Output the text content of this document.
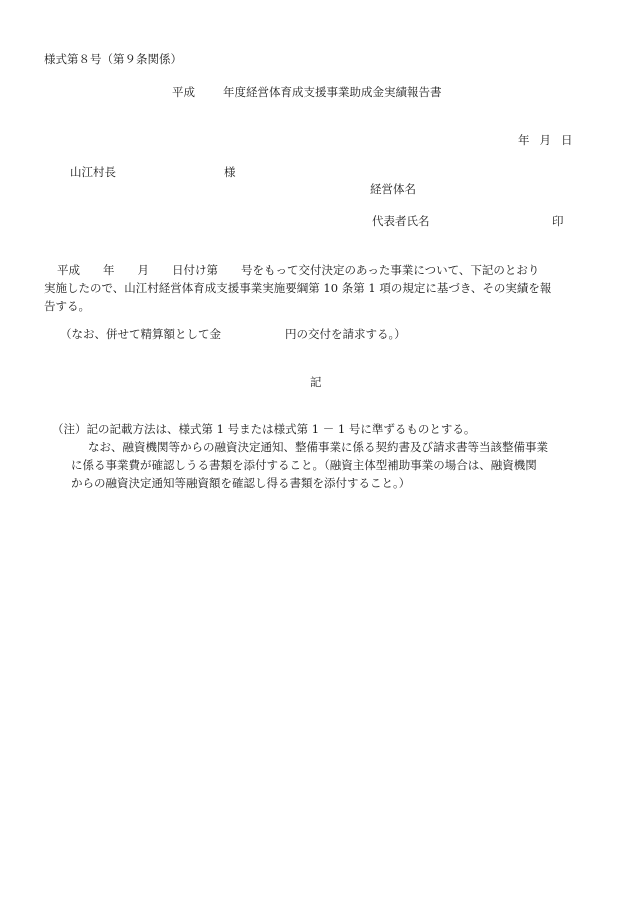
様式第８号（第９条関係）
平成 年度経営体育成支援事業助成金実績報告書
年 月 日
山江村長	様
経営体名
代表者氏名	印
平成　　年　　月　　日付け第　　号をもって交付決定のあった事業について、下記のとおり
実施したので、山江村経営体育成支援事業実施要綱第 10 条第 1 項の規定に基づき、その実績を報
告する。
（なお、併せて精算額として金	円の交付を請求する。）
記
（注）記の記載方法は、様式第 1 号または様式第 1 － 1 号に準ずるものとする。
なお、融資機関等からの融資決定通知、整備事業に係る契約書及び請求書等当該整備事業
に係る事業費が確認しうる書類を添付すること。（融資主体型補助事業の場合は、融資機関
からの融資決定通知等融資額を確認し得る書類を添付すること。）
